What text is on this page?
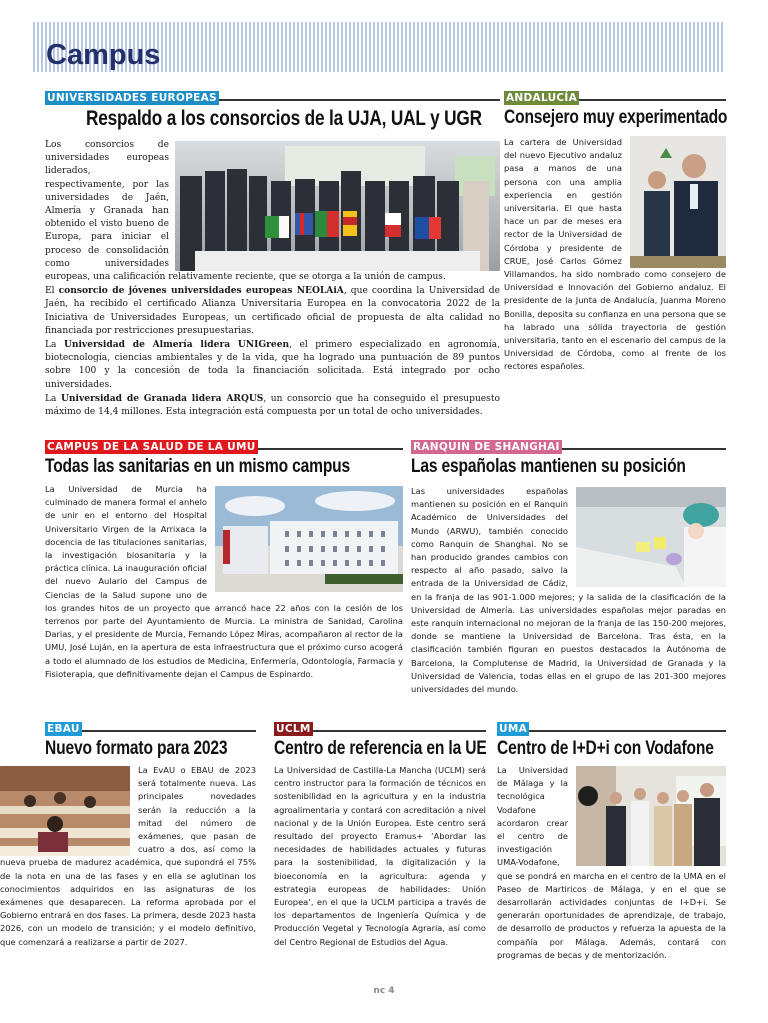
Campus
UNIVERSIDADES EUROPEAS
Respaldo a los consorcios de la UJA, UAL y UGR

Los consorcios de universidades europeas liderados, respectivamente, por las universidades de Jaén, Almería y Granada han obtenido el visto bueno de Europa, para iniciar el proceso de consolidación como universidades europeas, una calificación relativamente reciente, que se otorga a la unión de campus.

El consorcio de jóvenes universidades europeas NEOLAiA, que coordina la Universidad de Jaén, ha recibido el certificado Alianza Universitaria Europea en la convocatoria 2022 de la Iniciativa de Universidades Europeas, un certificado oficial de propuesta de alta calidad no financiada por restricciones presupuestarias.

La Universidad de Almería lidera UNIGreen, el primero especializado en agronomía, biotecnología, ciencias ambientales y de la vida, que ha logrado una puntuación de 89 puntos sobre 100 y la concesión de toda la financiación solicitada. Está integrado por ocho universidades.

La Universidad de Granada lidera ARQUS, un consorcio que ha conseguido el presupuesto máximo de 14,4 millones. Esta integración está compuesta por un total de ocho universidades.

ANDALUCÍA
Consejero muy experimentado

La cartera de Universidad del nuevo Ejecutivo andaluz pasa a manos de una persona con una amplia experiencia en gestión universitaria. El que hasta hace un par de meses era rector de la Universidad de Córdoba y presidente de CRUE, José Carlos Gómez Villamandos, ha sido nombrado como consejero de Universidad e Innovación del Gobierno andaluz. El presidente de la Junta de Andalucía, Juanma Moreno Bonilla, deposita su confianza en una persona que se ha labrado una sólida trayectoria de gestión universitaria, tanto en el escenario del campus de la Universidad de Córdoba, como al frente de los rectores españoles.

CAMPUS DE LA SALUD DE LA UMU
Todas las sanitarias en un mismo campus

La Universidad de Murcia ha culminado de manera formal el anhelo de unir en el entorno del Hospital Universitario Virgen de la Arrixaca la docencia de las titulaciones sanitarias, la investigación biosanitaria y la práctica clínica. La inauguración oficial del nuevo Aulario del Campus de Ciencias de la Salud supone uno de los grandes hitos de un proyecto que arrancó hace 22 años con la cesión de los terrenos por parte del Ayuntamiento de Murcia. La ministra de Sanidad, Carolina Darias, y el presidente de Murcia, Fernando López Miras, acompañaron al rector de la UMU, José Luján, en la apertura de esta infraestructura que el próximo curso acogerá a todo el alumnado de los estudios de Medicina, Enfermería, Odontología, Farmacia y Fisioterapia, que definitivamente dejan el Campus de Espinardo.

RANQUIN DE SHANGHAI
Las españolas mantienen su posición

Las universidades españolas mantienen su posición en el Ranquin Académico de Universidades del Mundo (ARWU), también conocido como Ranquin de Shanghai. No se han producido grandes cambios con respecto al año pasado, salvo la entrada de la Universidad de Cádiz, en la franja de las 901-1.000 mejores; y la salida de la clasificación de la Universidad de Almería. Las universidades españolas mejor paradas en este ranquin internacional no mejoran de la franja de las 150-200 mejores, donde se mantiene la Universidad de Barcelona. Tras ésta, en la clasificación también figuran en puestos destacados la Autónoma de Barcelona, la Complutense de Madrid, la Universidad de Granada y la Universidad de Valencia, todas ellas en el grupo de las 201-300 mejores universidades del mundo.

EBAU
Nuevo formato para 2023

La EvAU o EBAU de 2023 será totalmente nueva. Las principales novedades serán la reducción a la mitad del número de exámenes, que pasan de cuatro a dos, así como la nueva prueba de madurez académica, que supondrá el 75% de la nota en una de las fases y en ella se aglutinan los conocimientos adquiridos en las asignaturas de los exámenes que desaparecen. La reforma aprobada por el Gobierno entrará en dos fases. La primera, desde 2023 hasta 2026, con un modelo de transición; y el modelo definitivo, que comenzará a realizarse a partir de 2027.

UCLM
Centro de referencia en la UE

La Universidad de Castilla-La Mancha (UCLM) será centro instructor para la formación de técnicos en sostenibilidad en la agricultura y en la industria agroalimentaria y contará con acreditación a nivel nacional y de la Unión Europea. Este centro será resultado del proyecto Eramus+ ‘Abordar las necesidades de habilidades actuales y futuras para la sostenibilidad, la digitalización y la bioeconomía en la agricultura: agenda y estrategia europeas de habilidades: Unión Europea’, en el que la UCLM participa a través de los departamentos de Ingeniería Química y de Producción Vegetal y Tecnología Agraria, así como del Centro Regional de Estudios del Agua.

UMA
Centro de I+D+i con Vodafone

La Universidad de Málaga y la tecnológica Vodafone acordaron crear el centro de investigación UMA-Vodafone, que se pondrá en marcha en el centro de la UMA en el Paseo de Martiricos de Málaga, y en el que se desarrollarán actividades conjuntas de I+D+i. Se generarán oportunidades de aprendizaje, de trabajo, de desarrollo de productos y refuerza la apuesta de la compañía por Málaga. Además, contará con programas de becas y de mentorización.

nc 4
